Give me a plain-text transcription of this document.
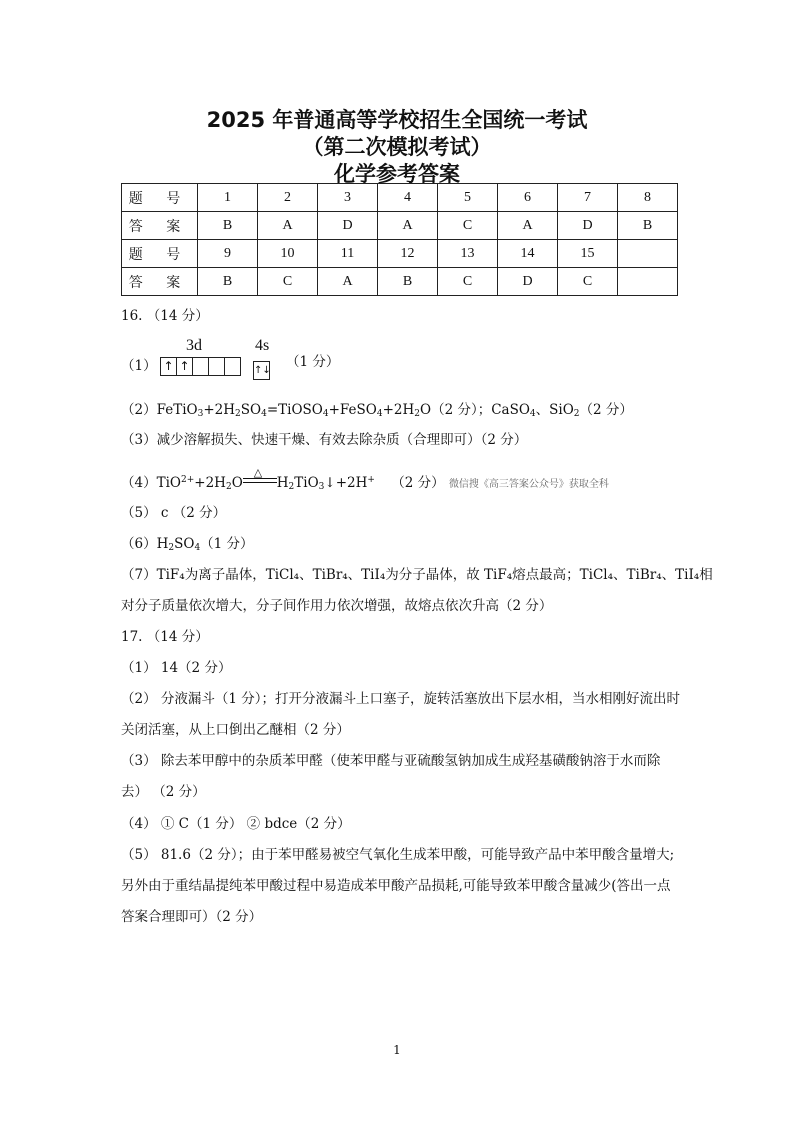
2025 年普通高等学校招生全国统一考试
（第二次模拟考试）
化学参考答案
题 号	1	2	3	4	5	6	7	8
答 案	B	A	D	A	C	A	D	B
题 号	9	10	11	12	13	14	15	
答 案	B	C	A	B	C	D	C	
16. （14 分）
（1）
3d	4s
↑ ↑	↑↓
（1 分）
$(2)FeTiO_3+2H_2SO_4=TiOSO_4+FeSO_4+2H_2O(2$ 分）；CaSO$_4$、SiO$_2$（2 分）
（3）减少溶解损失、快速干燥、有效去除杂质（合理即可）（2 分）
$(4)TiO^{2+}+2H_2O$
△
$H_2TiO_3↓+2H^+$ （2 分） 微信搜《高三答案公众号》获取全科
（5） c （2 分）
$(6)H_2SO_4(1$ 分）
（7）TiF₄为离子晶体，TiCl₄、TiBr₄、TiI₄为分子晶体，故 TiF₄熔点最高；TiCl₄、TiBr₄、TiI₄相
对分子质量依次增大，分子间作用力依次增强，故熔点依次升高（2 分）
17. （14 分）
（1） 14（2 分）
（2） 分液漏斗（1 分）；打开分液漏斗上口塞子，旋转活塞放出下层水相，当水相刚好流出时关闭活塞，从上口倒出乙醚相（2 分）
（3） 除去苯甲醇中的杂质苯甲醛（使苯甲醛与亚硫酸氢钠加成生成羟基磺酸钠溶于水而除去） （2 分）
（4） ① C（1 分） ② bdce（2 分）
（5） 81.6（2 分）；由于苯甲醛易被空气氧化生成苯甲酸，可能导致产品中苯甲酸含量增大;另外由于重结晶提纯苯甲酸过程中易造成苯甲酸产品损耗,可能导致苯甲酸含量减少(答出一点答案合理即可）（2 分）
1
